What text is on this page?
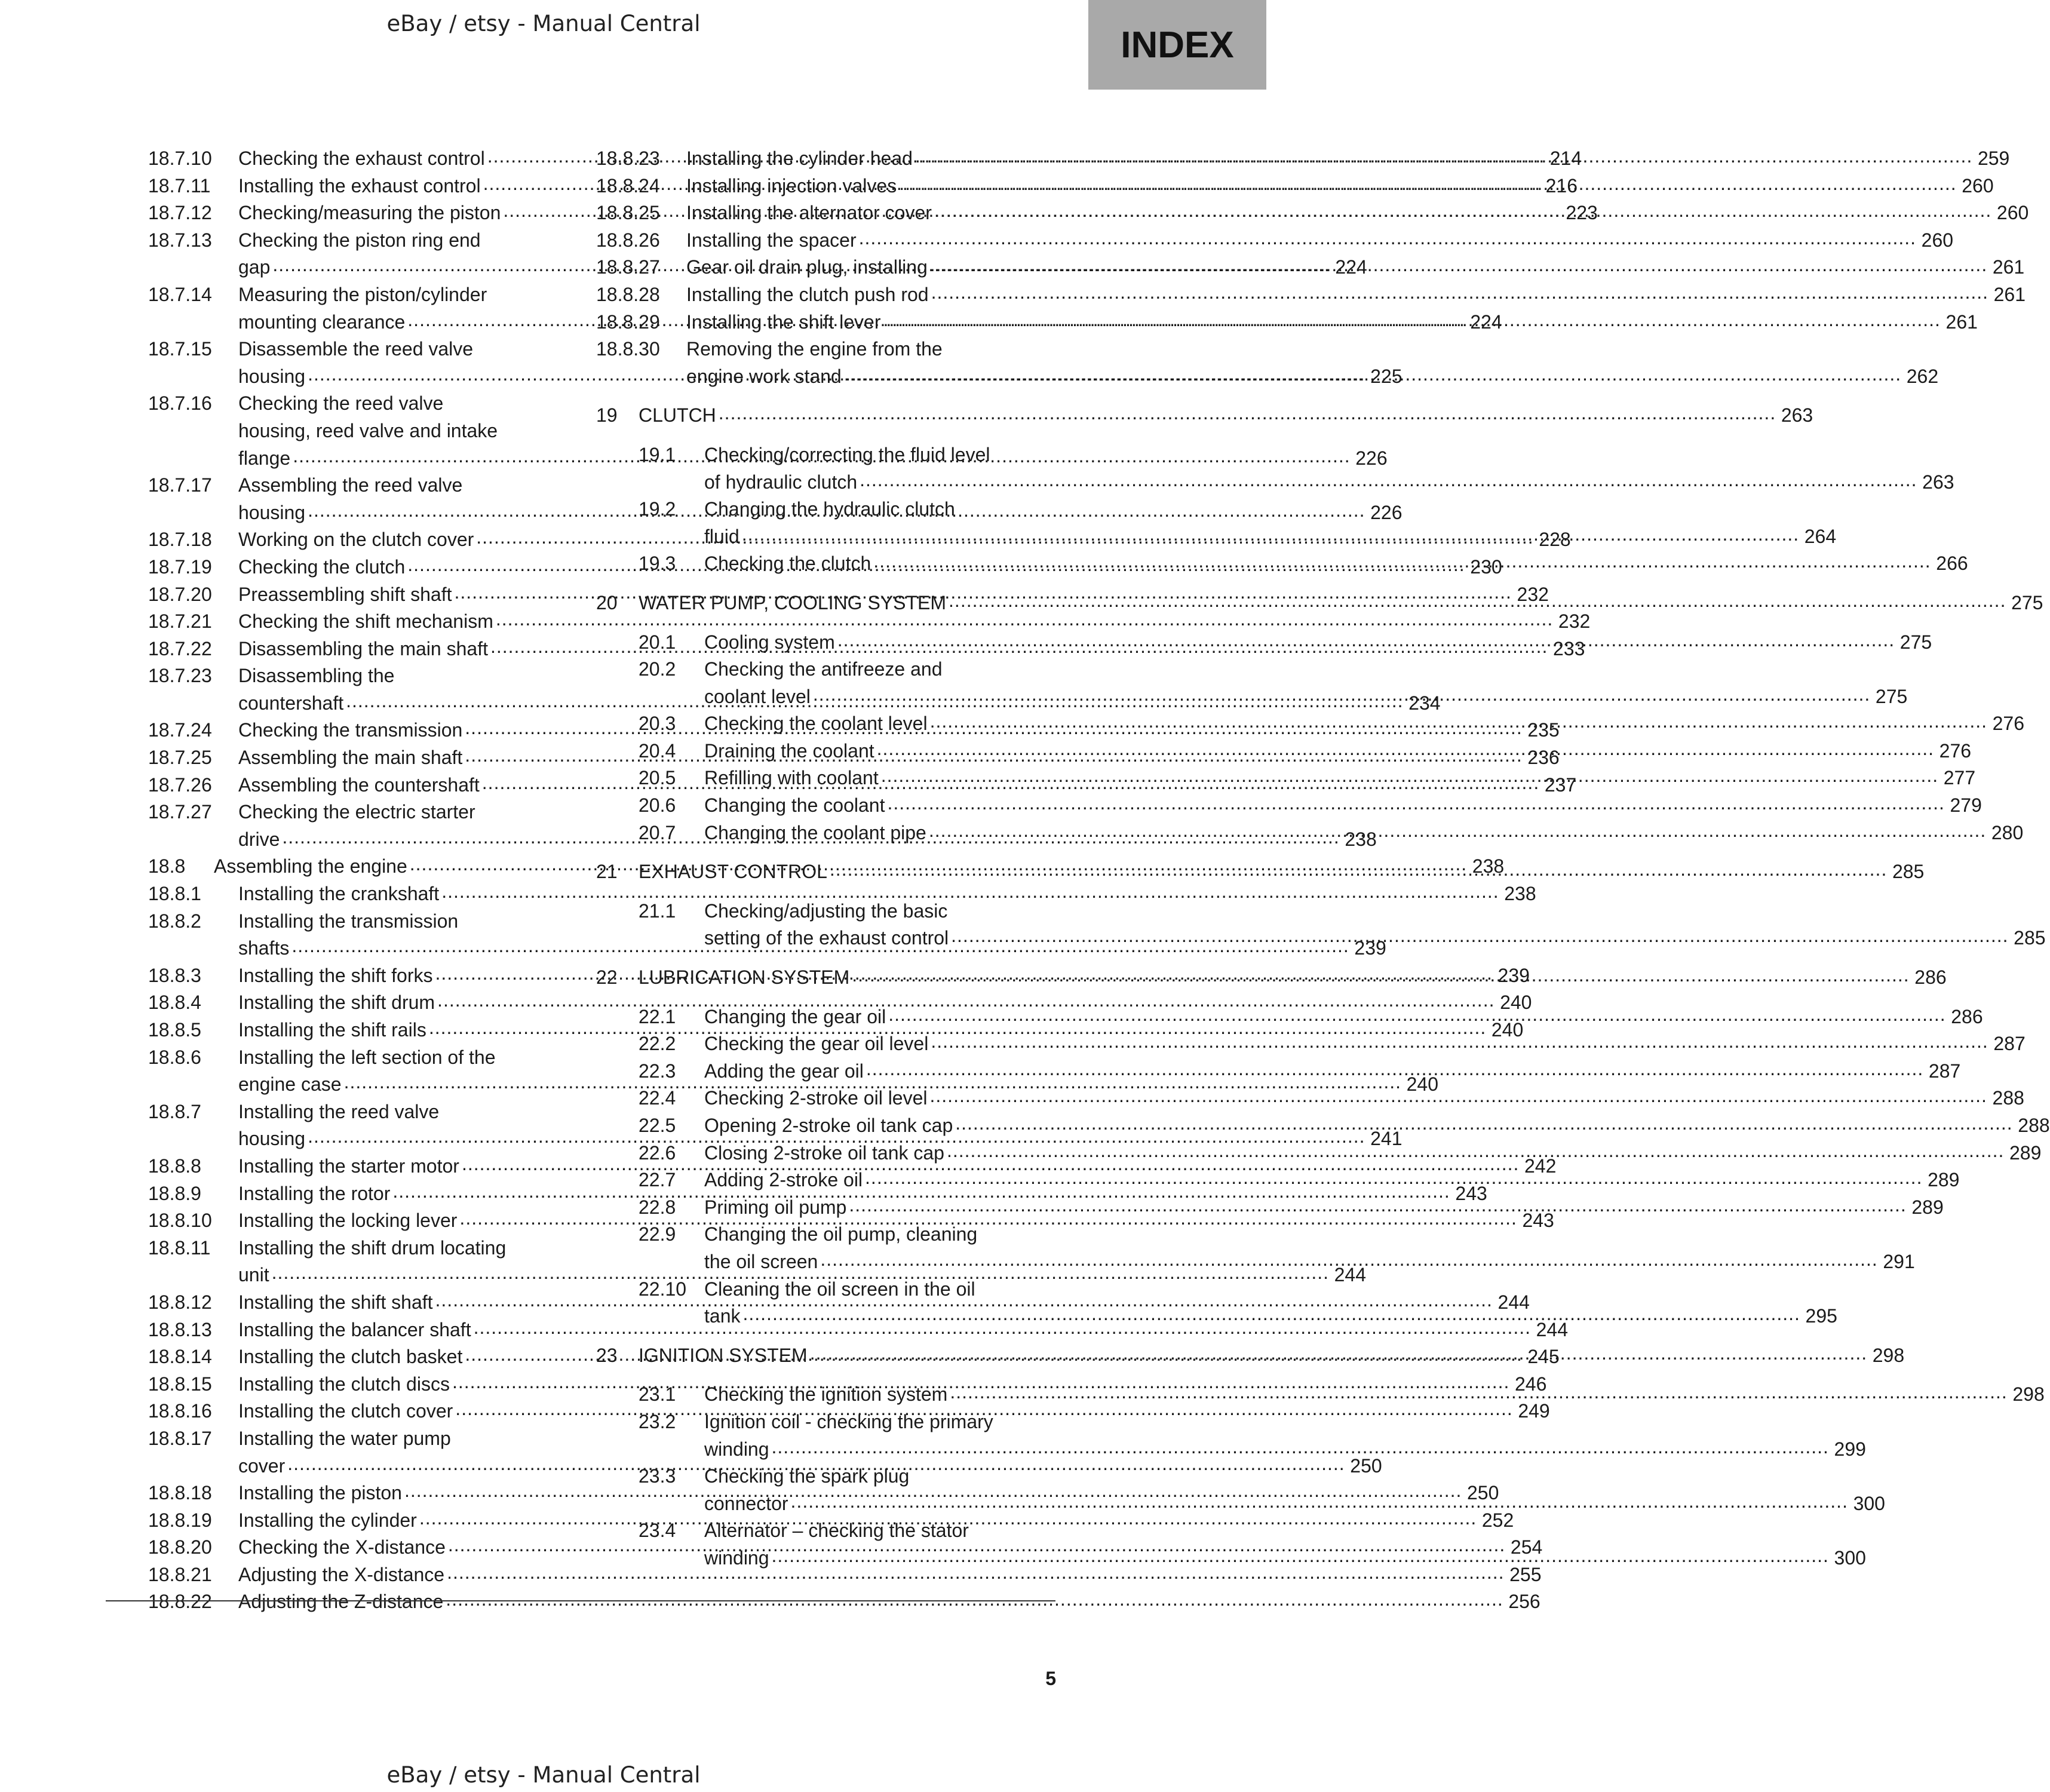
eBay / etsy - Manual Central
INDEX
18.7.10	Checking the exhaust control .....	214
18.7.11	Installing the exhaust control .....	216
18.7.12	Checking/measuring the piston .....	223
18.7.13	Checking the piston ring end
gap .....	224
18.7.14	Measuring the piston/cylinder
mounting clearance .....	224
18.7.15	Disassemble the reed valve
housing .....	225
18.7.16	Checking the reed valve
housing, reed valve and intake
flange .....	226
18.7.17	Assembling the reed valve
housing .....	226
18.7.18	Working on the clutch cover .....	228
18.7.19	Checking the clutch .....	230
18.7.20	Preassembling shift shaft .....	232
18.7.21	Checking the shift mechanism .....	232
18.7.22	Disassembling the main shaft .....	233
18.7.23	Disassembling the
countershaft .....	234
18.7.24	Checking the transmission .....	235
18.7.25	Assembling the main shaft .....	236
18.7.26	Assembling the countershaft .....	237
18.7.27	Checking the electric starter
drive .....	238
18.8	Assembling the engine .....	238
18.8.1	Installing the crankshaft .....	238
18.8.2	Installing the transmission
shafts .....	239
18.8.3	Installing the shift forks .....	239
18.8.4	Installing the shift drum .....	240
18.8.5	Installing the shift rails .....	240
18.8.6	Installing the left section of the
engine case .....	240
18.8.7	Installing the reed valve
housing .....	241
18.8.8	Installing the starter motor .....	242
18.8.9	Installing the rotor .....	243
18.8.10	Installing the locking lever .....	243
18.8.11	Installing the shift drum locating
unit .....	244
18.8.12	Installing the shift shaft .....	244
18.8.13	Installing the balancer shaft .....	244
18.8.14	Installing the clutch basket .....	245
18.8.15	Installing the clutch discs .....	246
18.8.16	Installing the clutch cover .....	249
18.8.17	Installing the water pump
cover .....	250
18.8.18	Installing the piston .....	250
18.8.19	Installing the cylinder .....	252
18.8.20	Checking the X-distance .....	254
18.8.21	Adjusting the X-distance .....	255
18.8.22	Adjusting the Z-distance .....	256
18.8.23	Installing the cylinder head .....	259
18.8.24	Installing injection valves .....	260
18.8.25	Installing the alternator cover .....	260
18.8.26	Installing the spacer .....	260
18.8.27	Gear oil drain plug, installing .....	261
18.8.28	Installing the clutch push rod .....	261
18.8.29	Installing the shift lever .....	261
18.8.30	Removing the engine from the
engine work stand .....	262
19	CLUTCH .....	263
19.1	Checking/correcting the fluid level
of hydraulic clutch .....	263
19.2	Changing the hydraulic clutch
fluid .....	264
19.3	Checking the clutch .....	266
20	WATER PUMP, COOLING SYSTEM .....	275
20.1	Cooling system .....	275
20.2	Checking the antifreeze and
coolant level .....	275
20.3	Checking the coolant level .....	276
20.4	Draining the coolant .....	276
20.5	Refilling with coolant .....	277
20.6	Changing the coolant .....	279
20.7	Changing the coolant pipe .....	280
21	EXHAUST CONTROL .....	285
21.1	Checking/adjusting the basic
setting of the exhaust control .....	285
22	LUBRICATION SYSTEM .....	286
22.1	Changing the gear oil .....	286
22.2	Checking the gear oil level .....	287
22.3	Adding the gear oil .....	287
22.4	Checking 2-stroke oil level .....	288
22.5	Opening 2-stroke oil tank cap .....	288
22.6	Closing 2-stroke oil tank cap .....	289
22.7	Adding 2-stroke oil .....	289
22.8	Priming oil pump .....	289
22.9	Changing the oil pump, cleaning
the oil screen .....	291
22.10 Cleaning the oil screen in the oil
tank .....	295
23	IGNITION SYSTEM .....	298
23.1	Checking the ignition system .....	298
23.2	Ignition coil - checking the primary
winding .....	299
23.3	Checking the spark plug
connector .....	300
23.4	Alternator – checking the stator
winding .....	300
5
eBay / etsy - Manual Central
